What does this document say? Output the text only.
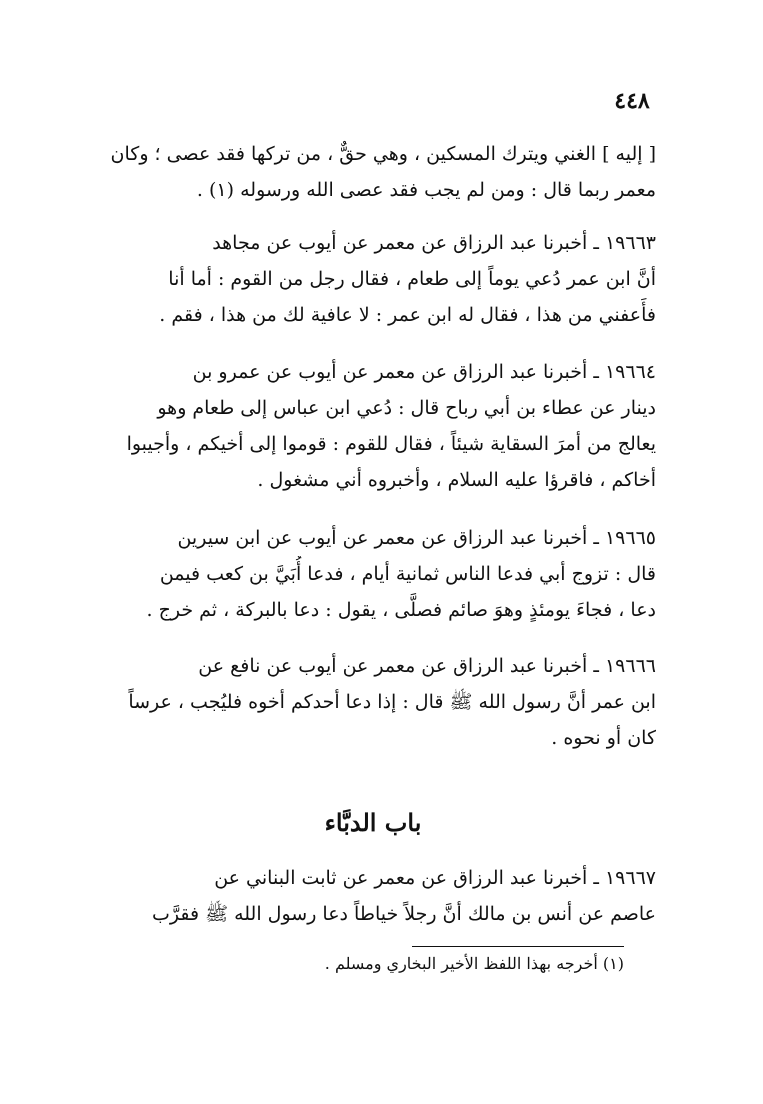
٤٤٨
[ إليه ] الغني ويترك المسكين ، وهي حقٌّ ، من تركها فقد عصى ؛ وكان
معمر ربما قال : ومن لم يجب فقد عصى الله ورسوله (١) .
١٩٦٦٣ ـ أخبرنا عبد الرزاق عن معمر عن أيوب عن مجاهد
أنَّ ابن عمر دُعي يوماً إلى طعام ، فقال رجل من القوم : أما أنا
فأَعفني من هذا ، فقال له ابن عمر : لا عافية لك من هذا ، فقم .
١٩٦٦٤ ـ أخبرنا عبد الرزاق عن معمر عن أيوب عن عمرو بن
دينار عن عطاء بن أبي رباح قال : دُعي ابن عباس إلى طعام وهو
يعالج من أمرَ السقاية شيئاً ، فقال للقوم : قوموا إلى أخيكم ، وأجيبوا
أخاكم ، فاقرؤا عليه السلام ، وأخبروه أني مشغول .
١٩٦٦٥ ـ أخبرنا عبد الرزاق عن معمر عن أيوب عن ابن سيرين
قال : تزوج أبي فدعا الناس ثمانية أيام ، فدعا أُبَيَّ بن كعب فيمن
دعا ، فجاءَ يومئذٍ وهوَ صائم فصلَّى ، يقول : دعا بالبركة ، ثم خرج .
١٩٦٦٦ ـ أخبرنا عبد الرزاق عن معمر عن أيوب عن نافع عن
ابن عمر أنَّ رسول الله ﷺ قال : إذا دعا أحدكم أخوه فليُجب ، عرساً
كان أو نحوه .
باب الدبَّاء
١٩٦٦٧ ـ أخبرنا عبد الرزاق عن معمر عن ثابت البناني عن
عاصم عن أنس بن مالك أنَّ رجلاً خياطاً دعا رسول الله ﷺ فقرَّب
(١) أخرجه بهذا اللفظ الأخير البخاري ومسلم .
